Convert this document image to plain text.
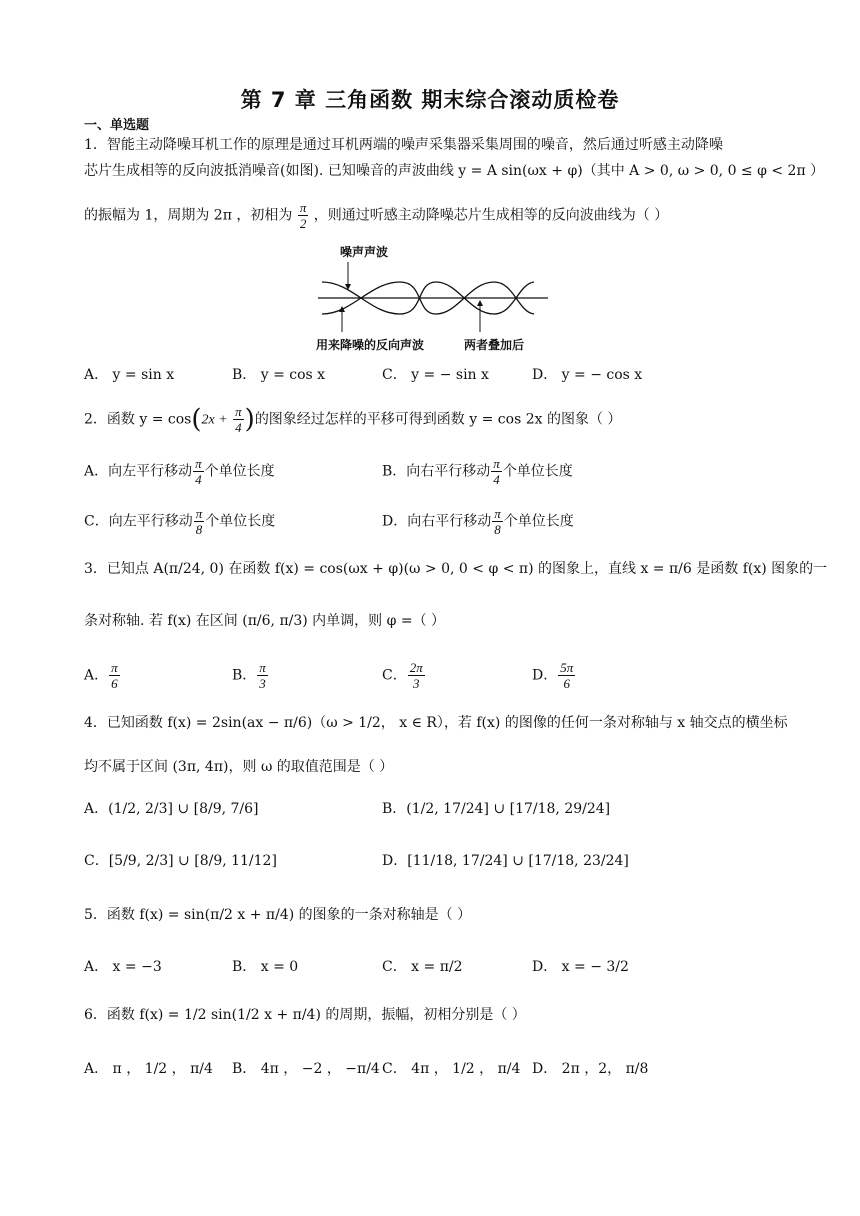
第 7 章 三角函数 期末综合滚动质检卷
一、单选题
1．智能主动降噪耳机工作的原理是通过耳机两端的噪声采集器采集周围的噪音，然后通过听感主动降噪
芯片生成相等的反向波抵消噪音(如图). 已知噪音的声波曲线 y = A sin(ωx + φ)（其中 A > 0, ω > 0, 0 ≤ φ < 2π ）
的振幅为 1，周期为 2π ，初相为 $\frac{\pi}{2}$ ，则通过听感主动降噪芯片生成相等的反向波曲线为（ ）
噪声声波
用来降噪的反向声波	两者叠加后
A． y = sin x	B． y = cos x	C． y = − sin x	D． y = − cos x
2．函数 $y = \cos(2x + \frac{\pi}{4}$ )的图象经过怎样的平移可得到函数 y = cos 2x 的图象（ ）
A．向左平行移动 $\frac{\pi}{4}$ 个单位长度	B．向右平行移动 $\frac{\pi}{4}$ 个单位长度
C．向左平行移动 $\frac{\pi}{8}$ 个单位长度	D．向右平行移动 $\frac{\pi}{8}$ 个单位长度
3．已知点 A(π/24, 0) 在函数 f(x) = cos(ωx + φ)(ω > 0, 0 < φ < π) 的图象上，直线 x = π/6 是函数 f(x) 图象的一
条对称轴. 若 f(x) 在区间 (π/6, π/3) 内单调，则 φ =（ ）
A． $\frac{\pi}{6}$	B． $\frac{\pi}{3}$	C． $\frac{2\pi}{3}$	D． $\frac{5\pi}{6}$
4．已知函数 f(x) = 2sin(ax − π/6)（ω > 1/2， x ∈ R），若 f(x) 的图像的任何一条对称轴与 x 轴交点的横坐标
均不属于区间 (3π, 4π)，则 ω 的取值范围是（ ）
A．(1/2, 2/3] ∪ [8/9, 7/6]	B．(1/2, 17/24] ∪ [17/18, 29/24]
C．[5/9, 2/3] ∪ [8/9, 11/12]	D．[11/18, 17/24] ∪ [17/18, 23/24]
5．函数 f(x) = sin(π/2 x + π/4) 的图象的一条对称轴是（ ）
A． x = −3	B． x = 0	C． x = π/2	D． x = − 3/2
6．函数 f(x) = 1/2 sin(1/2 x + π/4) 的周期，振幅，初相分别是（ ）
A． π ， 1/2 ， π/4 B． 4π ， −2 ， −π/4 C． 4π ， 1/2 ， π/4 D． 2π ，2， π/8
